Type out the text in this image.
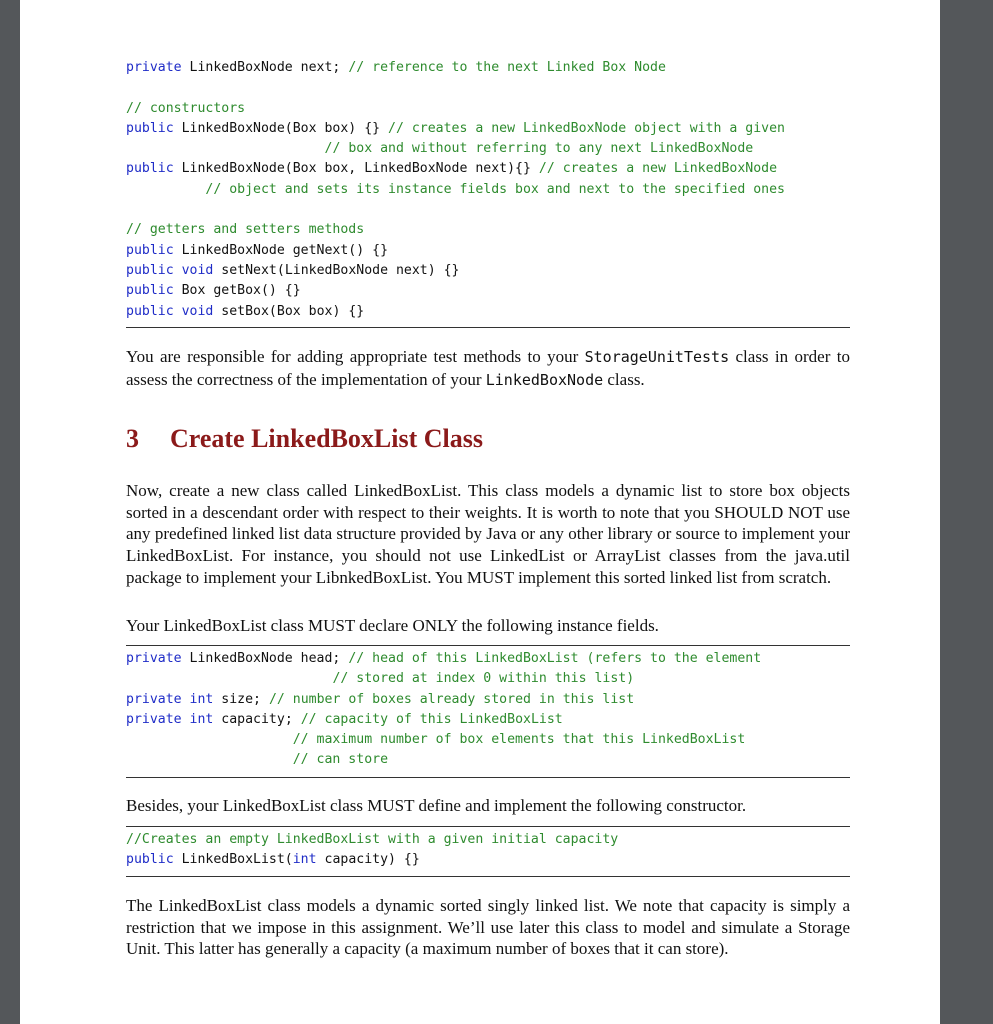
private LinkedBoxNode next; // reference to the next Linked Box Node
// constructors
public LinkedBoxNode(Box box) {} // creates a new LinkedBoxNode object with a given
// box and without referring to any next LinkedBoxNode
public LinkedBoxNode(Box box, LinkedBoxNode next){} // creates a new LinkedBoxNode
// object and sets its instance fields box and next to the specified ones
// getters and setters methods
public LinkedBoxNode getNext() {}
public void setNext(LinkedBoxNode next) {}
public Box getBox() {}
public void setBox(Box box) {}

You are responsible for adding appropriate test methods to your StorageUnitTests class in order to assess the correctness of the implementation of your LinkedBoxNode class.

3 Create LinkedBoxList Class

Now, create a new class called LinkedBoxList. This class models a dynamic list to store box objects sorted in a descendant order with respect to their weights. It is worth to note that you SHOULD NOT use any predefined linked list data structure provided by Java or any other library or source to implement your LinkedBoxList. For instance, you should not use LinkedList or ArrayList classes from the java.util package to implement your LibnkedBoxList. You MUST implement this sorted linked list from scratch.

Your LinkedBoxList class MUST declare ONLY the following instance fields.

private LinkedBoxNode head; // head of this LinkedBoxList (refers to the element
// stored at index 0 within this list)
private int size; // number of boxes already stored in this list
private int capacity; // capacity of this LinkedBoxList
// maximum number of box elements that this LinkedBoxList
// can store

Besides, your LinkedBoxList class MUST define and implement the following constructor.

//Creates an empty LinkedBoxList with a given initial capacity
public LinkedBoxList(int capacity) {}

The LinkedBoxList class models a dynamic sorted singly linked list. We note that capacity is simply a restriction that we impose in this assignment. We’ll use later this class to model and simulate a Storage Unit. This latter has generally a capacity (a maximum number of boxes that it can store).
